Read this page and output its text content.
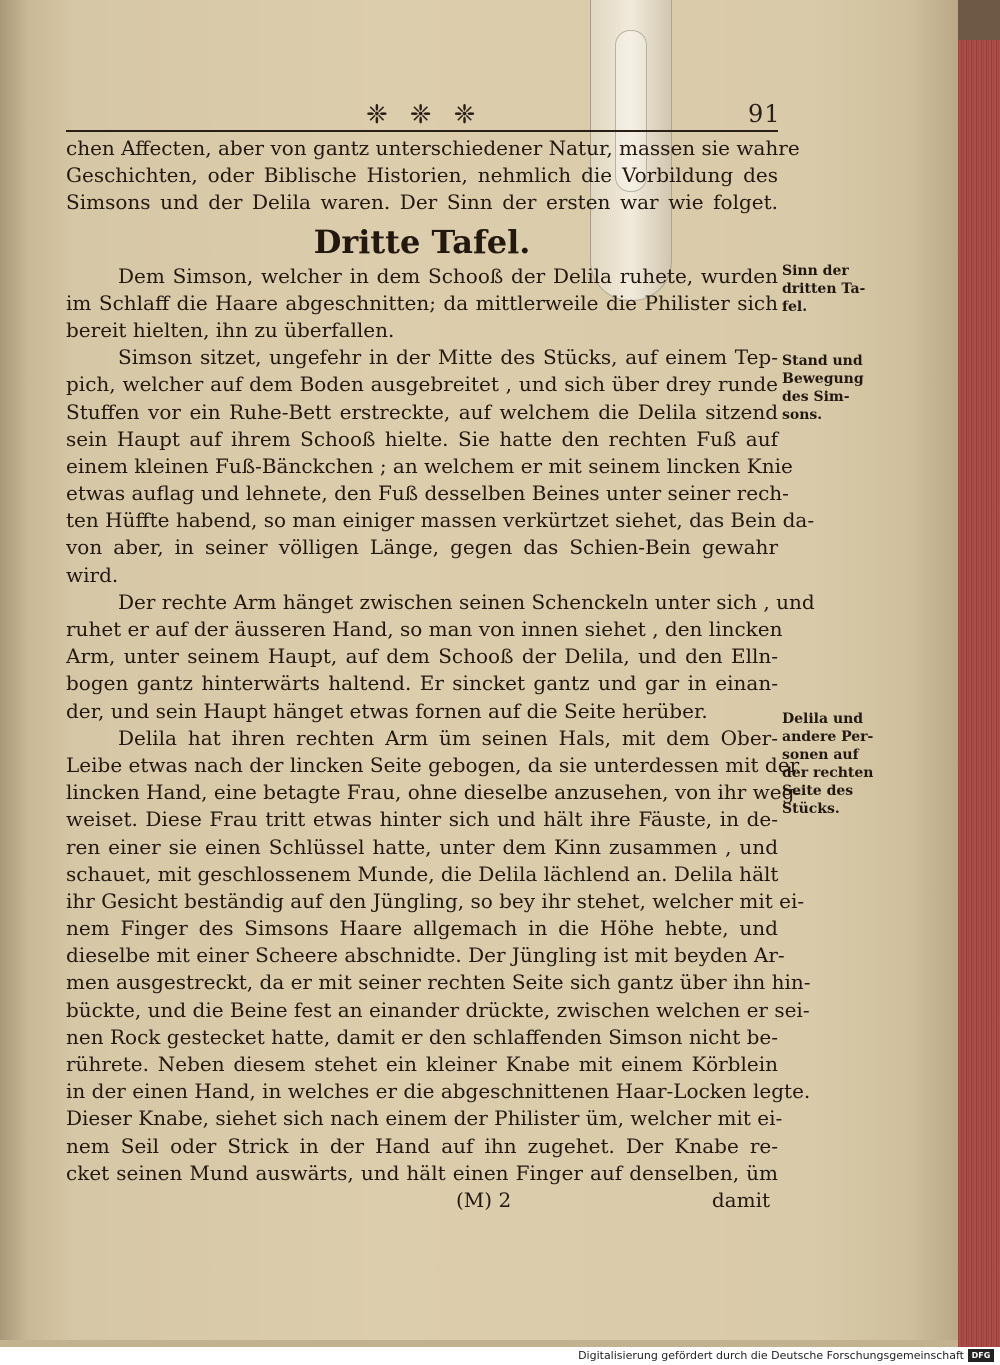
❈ ❈ ❈	91
chen Affecten, aber von gantz unterschiedener Natur, massen sie wahre
Geschichten, oder Biblische Historien, nehmlich die Vorbildung des
Simsons und der Delila waren. Der Sinn der ersten war wie folget.
Dritte Tafel.
Dem Simson, welcher in dem Schooß der Delila ruhete, wurden
im Schlaff die Haare abgeschnitten; da mittlerweile die Philister sich
bereit hielten, ihn zu überfallen.
Simson sitzet, ungefehr in der Mitte des Stücks, auf einem Tep-
pich, welcher auf dem Boden ausgebreitet , und sich über drey runde
Stuffen vor ein Ruhe-Bett erstreckte, auf welchem die Delila sitzend
sein Haupt auf ihrem Schooß hielte. Sie hatte den rechten Fuß auf
einem kleinen Fuß-Bänckchen ; an welchem er mit seinem lincken Knie
etwas auflag und lehnete, den Fuß desselben Beines unter seiner rech-
ten Hüffte habend, so man einiger massen verkürtzet siehet, das Bein da-
von aber, in seiner völligen Länge, gegen das Schien-Bein gewahr
wird.
Der rechte Arm hänget zwischen seinen Schenckeln unter sich , und
ruhet er auf der äusseren Hand, so man von innen siehet , den lincken
Arm, unter seinem Haupt, auf dem Schooß der Delila, und den Elln-
bogen gantz hinterwärts haltend. Er sincket gantz und gar in einan-
der, und sein Haupt hänget etwas fornen auf die Seite herüber.
Delila hat ihren rechten Arm üm seinen Hals, mit dem Ober-
Leibe etwas nach der lincken Seite gebogen, da sie unterdessen mit der
lincken Hand, eine betagte Frau, ohne dieselbe anzusehen, von ihr weg-
weiset. Diese Frau tritt etwas hinter sich und hält ihre Fäuste, in de-
ren einer sie einen Schlüssel hatte, unter dem Kinn zusammen , und
schauet, mit geschlossenem Munde, die Delila lächlend an. Delila hält
ihr Gesicht beständig auf den Jüngling, so bey ihr stehet, welcher mit ei-
nem Finger des Simsons Haare allgemach in die Höhe hebte, und
dieselbe mit einer Scheere abschnidte. Der Jüngling ist mit beyden Ar-
men ausgestreckt, da er mit seiner rechten Seite sich gantz über ihn hin-
bückte, und die Beine fest an einander drückte, zwischen welchen er sei-
nen Rock gestecket hatte, damit er den schlaffenden Simson nicht be-
rührete. Neben diesem stehet ein kleiner Knabe mit einem Körblein
in der einen Hand, in welches er die abgeschnittenen Haar-Locken legte.
Dieser Knabe, siehet sich nach einem der Philister üm, welcher mit ei-
nem Seil oder Strick in der Hand auf ihn zugehet. Der Knabe re-
cket seinen Mund auswärts, und hält einen Finger auf denselben, üm
(M) 2	damit
Sinn der
dritten Ta-
fel.
Stand und
Bewegung
des Sim-
sons.
Delila und
andere Per-
sonen auf
der rechten
Seite des
Stücks.
Digitalisierung gefördert durch die Deutsche Forschungsgemeinschaft DFG
